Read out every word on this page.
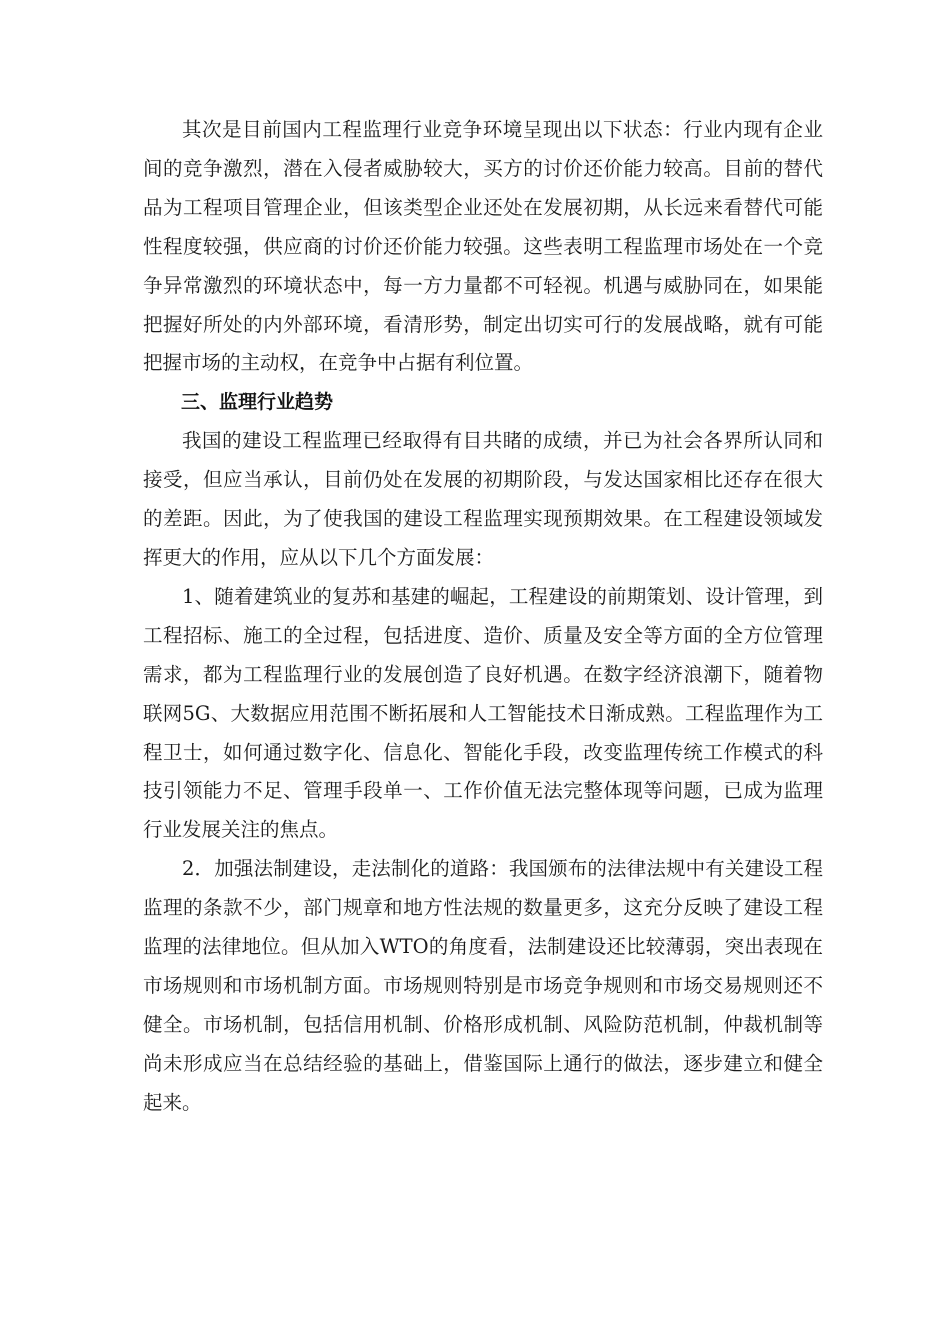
其次是目前国内工程监理行业竞争环境呈现出以下状态：行业内现有企业间的竞争激烈，潜在入侵者威胁较大，买方的讨价还价能力较高。目前的替代品为工程项目管理企业，但该类型企业还处在发展初期，从长远来看替代可能性程度较强，供应商的讨价还价能力较强。这些表明工程监理市场处在一个竞争异常激烈的环境状态中，每一方力量都不可轻视。机遇与威胁同在，如果能把握好所处的内外部环境，看清形势，制定出切实可行的发展战略，就有可能把握市场的主动权，在竞争中占据有利位置。

三、监理行业趋势

我国的建设工程监理已经取得有目共睹的成绩，并已为社会各界所认同和接受，但应当承认，目前仍处在发展的初期阶段，与发达国家相比还存在很大的差距。因此，为了使我国的建设工程监理实现预期效果。在工程建设领域发挥更大的作用，应从以下几个方面发展：

1、随着建筑业的复苏和基建的崛起，工程建设的前期策划、设计管理，到工程招标、施工的全过程，包括进度、造价、质量及安全等方面的全方位管理需求，都为工程监理行业的发展创造了良好机遇。在数字经济浪潮下，随着物联网5G、大数据应用范围不断拓展和人工智能技术日渐成熟。工程监理作为工程卫士，如何通过数字化、信息化、智能化手段，改变监理传统工作模式的科技引领能力不足、管理手段单一、工作价值无法完整体现等问题，已成为监理行业发展关注的焦点。

2．加强法制建设，走法制化的道路：我国颁布的法律法规中有关建设工程监理的条款不少，部门规章和地方性法规的数量更多，这充分反映了建设工程监理的法律地位。但从加入WTO的角度看，法制建设还比较薄弱，突出表现在市场规则和市场机制方面。市场规则特别是市场竞争规则和市场交易规则还不健全。市场机制，包括信用机制、价格形成机制、风险防范机制，仲裁机制等尚未形成应当在总结经验的基础上，借鉴国际上通行的做法，逐步建立和健全起来。
